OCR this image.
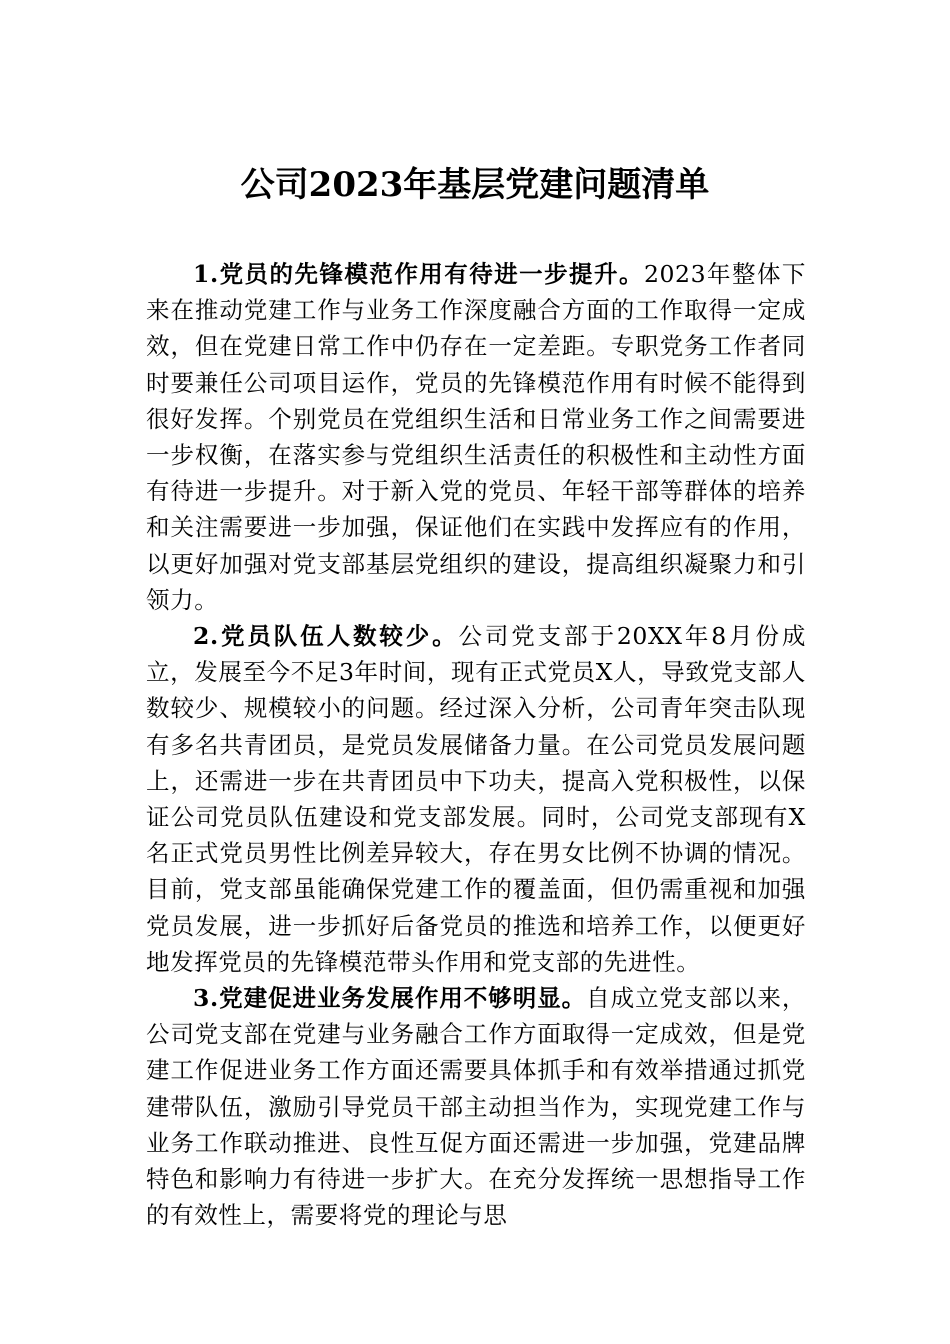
公司2023年基层党建问题清单

1.党员的先锋模范作用有待进一步提升。2023年整体下来在推动党建工作与业务工作深度融合方面的工作取得一定成效，但在党建日常工作中仍存在一定差距。专职党务工作者同时要兼任公司项目运作，党员的先锋模范作用有时候不能得到很好发挥。个别党员在党组织生活和日常业务工作之间需要进一步权衡，在落实参与党组织生活责任的积极性和主动性方面有待进一步提升。对于新入党的党员、年轻干部等群体的培养和关注需要进一步加强，保证他们在实践中发挥应有的作用，以更好加强对党支部基层党组织的建设，提高组织凝聚力和引领力。

2.党员队伍人数较少。公司党支部于20XX年8月份成立，发展至今不足3年时间，现有正式党员X人，导致党支部人数较少、规模较小的问题。经过深入分析，公司青年突击队现有多名共青团员，是党员发展储备力量。在公司党员发展问题上，还需进一步在共青团员中下功夫，提高入党积极性，以保证公司党员队伍建设和党支部发展。同时，公司党支部现有X名正式党员男性比例差异较大，存在男女比例不协调的情况。目前，党支部虽能确保党建工作的覆盖面，但仍需重视和加强党员发展，进一步抓好后备党员的推选和培养工作，以便更好地发挥党员的先锋模范带头作用和党支部的先进性。

3.党建促进业务发展作用不够明显。自成立党支部以来，公司党支部在党建与业务融合工作方面取得一定成效，但是党建工作促进业务工作方面还需要具体抓手和有效举措通过抓党建带队伍，激励引导党员干部主动担当作为，实现党建工作与业务工作联动推进、良性互促方面还需进一步加强，党建品牌特色和影响力有待进一步扩大。在充分发挥统一思想指导工作的有效性上，需要将党的理论与思
